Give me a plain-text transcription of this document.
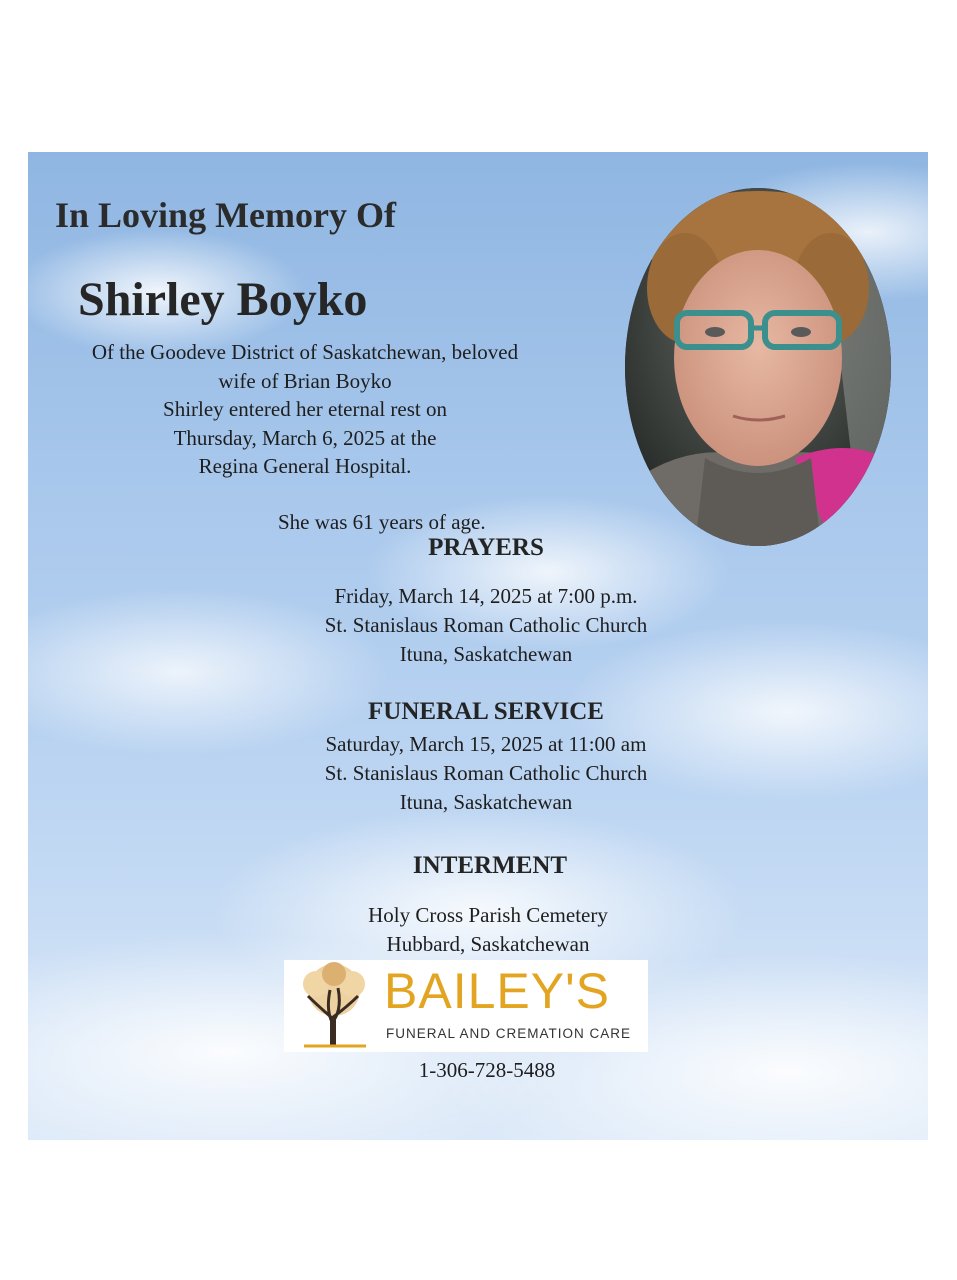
In Loving Memory Of
Shirley Boyko
Of the Goodeve District of Saskatchewan, beloved
wife of Brian Boyko
Shirley entered her eternal rest on
Thursday, March 6, 2025 at the
Regina General Hospital.
She was 61 years of age.
PRAYERS
Friday, March 14, 2025 at 7:00 p.m.
St. Stanislaus Roman Catholic Church
Ituna, Saskatchewan
FUNERAL SERVICE
Saturday, March 15, 2025 at 11:00 am
St. Stanislaus Roman Catholic Church
Ituna, Saskatchewan
INTERMENT
Holy Cross Parish Cemetery
Hubbard, Saskatchewan
BAILEY'S
FUNERAL AND CREMATION CARE
1-306-728-5488
